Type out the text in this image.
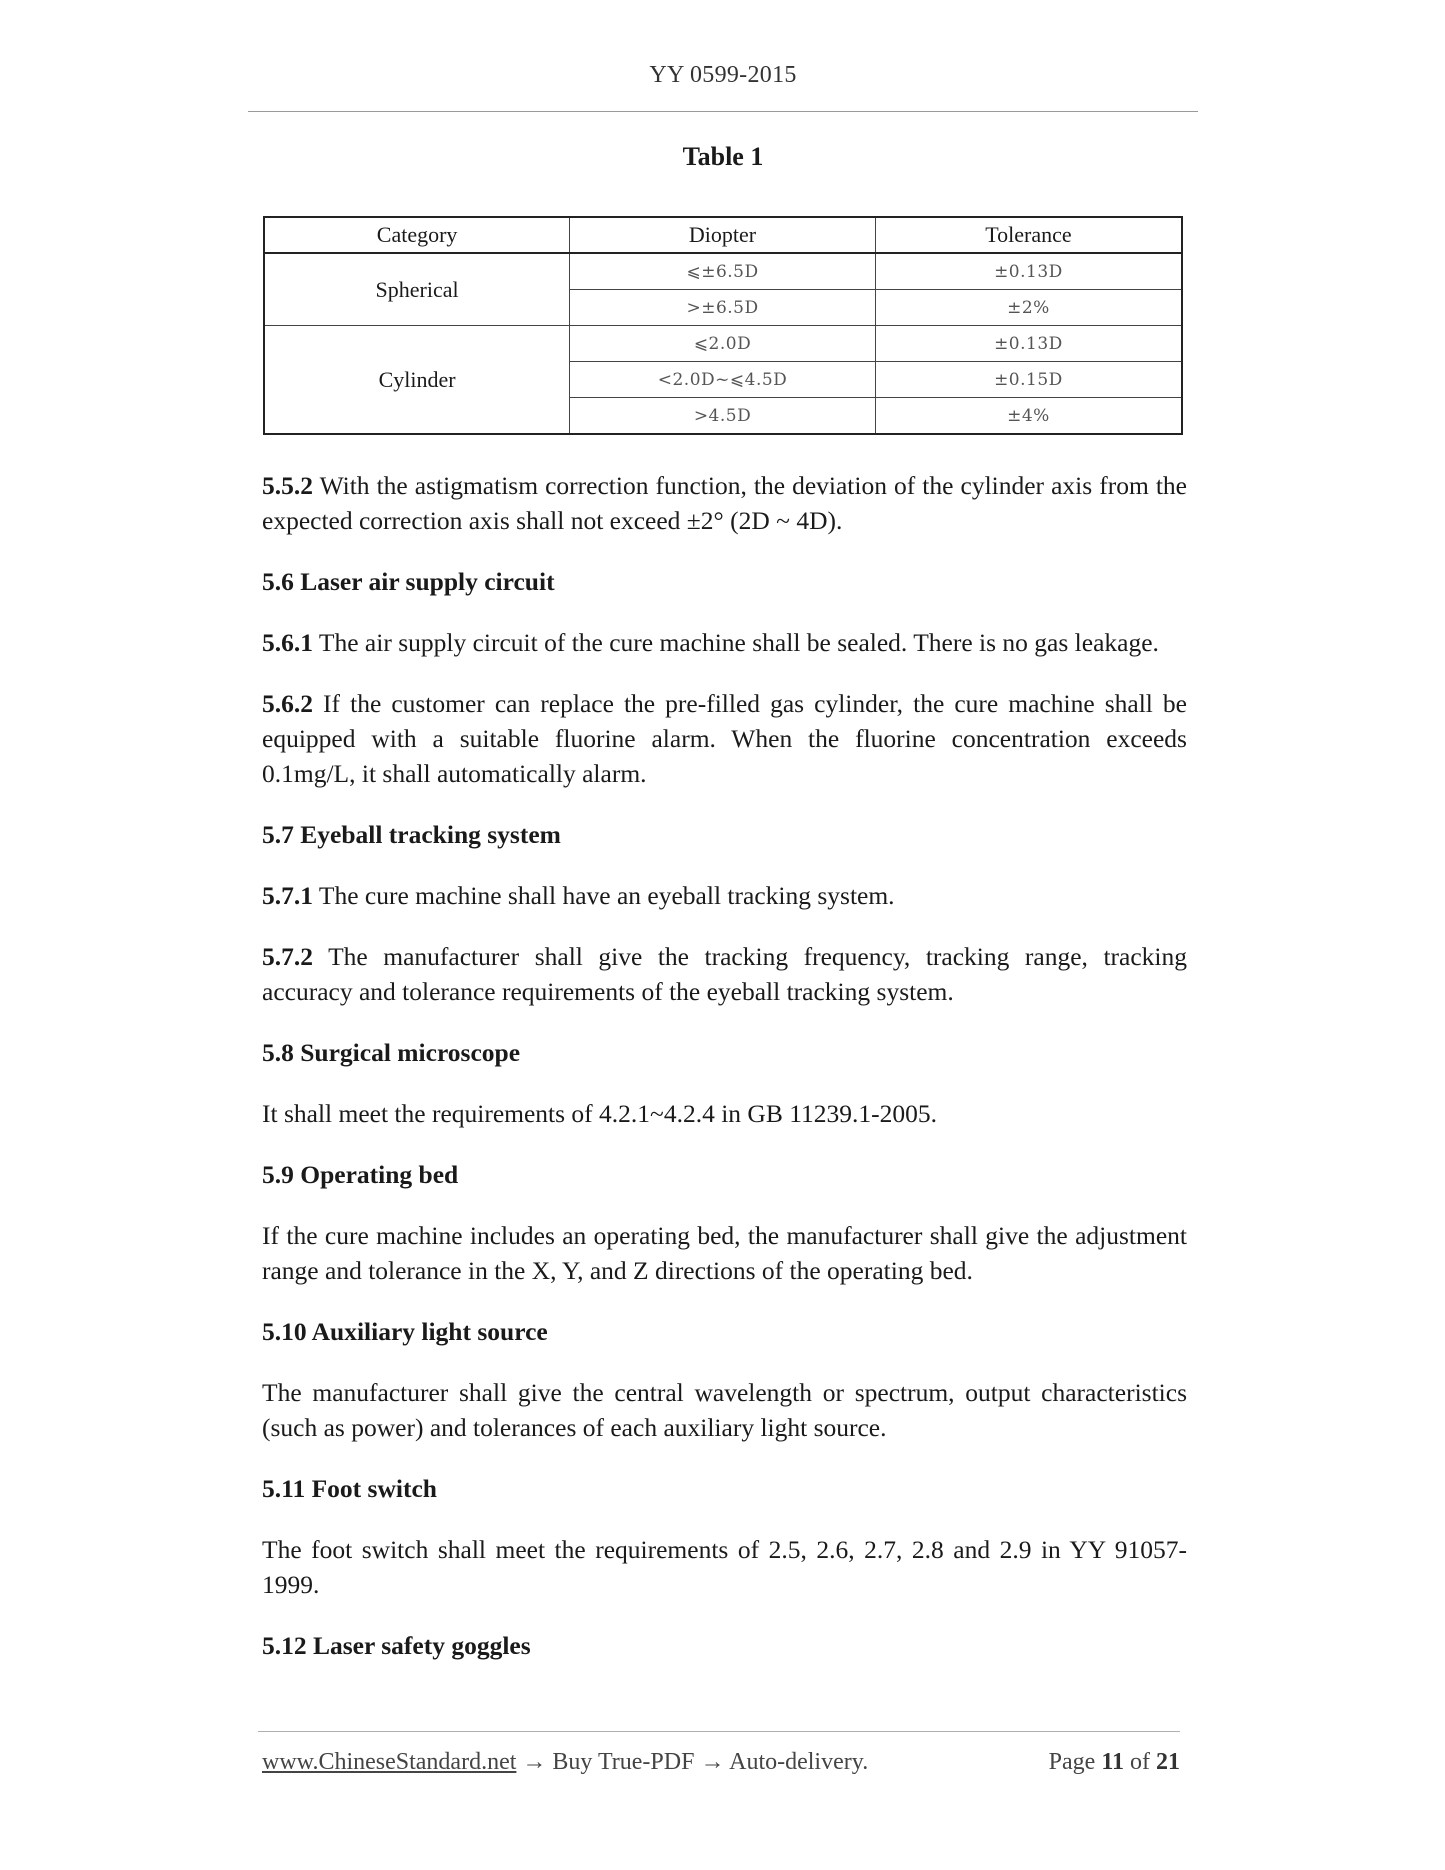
YY 0599-2015
Table 1
Category	Diopter	Tolerance
Spherical	⩽±6.5D	±0.13D
	>±6.5D	±2%
Cylinder	⩽2.0D	±0.13D
	<2.0D~⩽4.5D	±0.15D
	>4.5D	±4%

5.5.2 With the astigmatism correction function, the deviation of the cylinder axis from the expected correction axis shall not exceed ±2° (2D ~ 4D).

5.6 Laser air supply circuit

5.6.1 The air supply circuit of the cure machine shall be sealed. There is no gas leakage.

5.6.2 If the customer can replace the pre-filled gas cylinder, the cure machine shall be equipped with a suitable fluorine alarm. When the fluorine concentration exceeds 0.1mg/L, it shall automatically alarm.

5.7 Eyeball tracking system

5.7.1 The cure machine shall have an eyeball tracking system.

5.7.2 The manufacturer shall give the tracking frequency, tracking range, tracking accuracy and tolerance requirements of the eyeball tracking system.

5.8 Surgical microscope

It shall meet the requirements of 4.2.1~4.2.4 in GB 11239.1-2005.

5.9 Operating bed

If the cure machine includes an operating bed, the manufacturer shall give the adjustment range and tolerance in the X, Y, and Z directions of the operating bed.

5.10 Auxiliary light source

The manufacturer shall give the central wavelength or spectrum, output characteristics (such as power) and tolerances of each auxiliary light source.

5.11 Foot switch

The foot switch shall meet the requirements of 2.5, 2.6, 2.7, 2.8 and 2.9 in YY 91057-1999.

5.12 Laser safety goggles

www.ChineseStandard.net → Buy True-PDF → Auto-delivery.	Page 11 of 21
